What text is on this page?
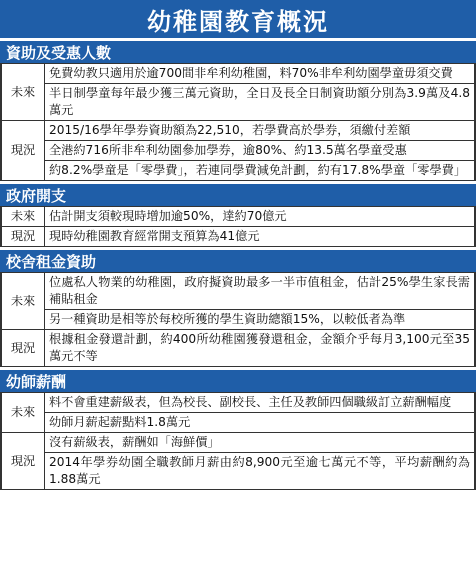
幼稚園教育概況
資助及受惠人數
未來	免費幼教只適用於逾700間非牟利幼稚園，料70%非牟利幼園學童毋須交費
	半日制學童每年最少獲三萬元資助，全日及長全日制資助額分別為3.9萬及4.8萬元
現況	2015/16學年學券資助額為22,510，若學費高於學券，須繳付差額
	全港約716所非牟利幼園參加學券，逾80%、約13.5萬名學童受惠
	約8.2%學童是「零學費」，若連同學費減免計劃，約有17.8%學童「零學費」
政府開支
未來	估計開支須較現時增加逾50%，達約70億元
現況	現時幼稚園教育經常開支預算為41億元
校舍租金資助
未來	位處私人物業的幼稚園，政府擬資助最多一半市值租金，估計25%學生家長需補貼租金
	另一種資助是相等於每校所獲的學生資助總額15%，以較低者為準
現況	根據租金發還計劃，約400所幼稚園獲發還租金，金額介乎每月3,100元至35萬元不等
幼師薪酬
未來	料不會重建薪級表，但為校長、副校長、主任及教師四個職級訂立薪酬幅度
	幼師月薪起薪點料1.8萬元
現況	沒有薪級表，薪酬如「海鮮價」
	2014年學券幼園全職教師月薪由約8,900元至逾七萬元不等，平均薪酬約為1.88萬元
